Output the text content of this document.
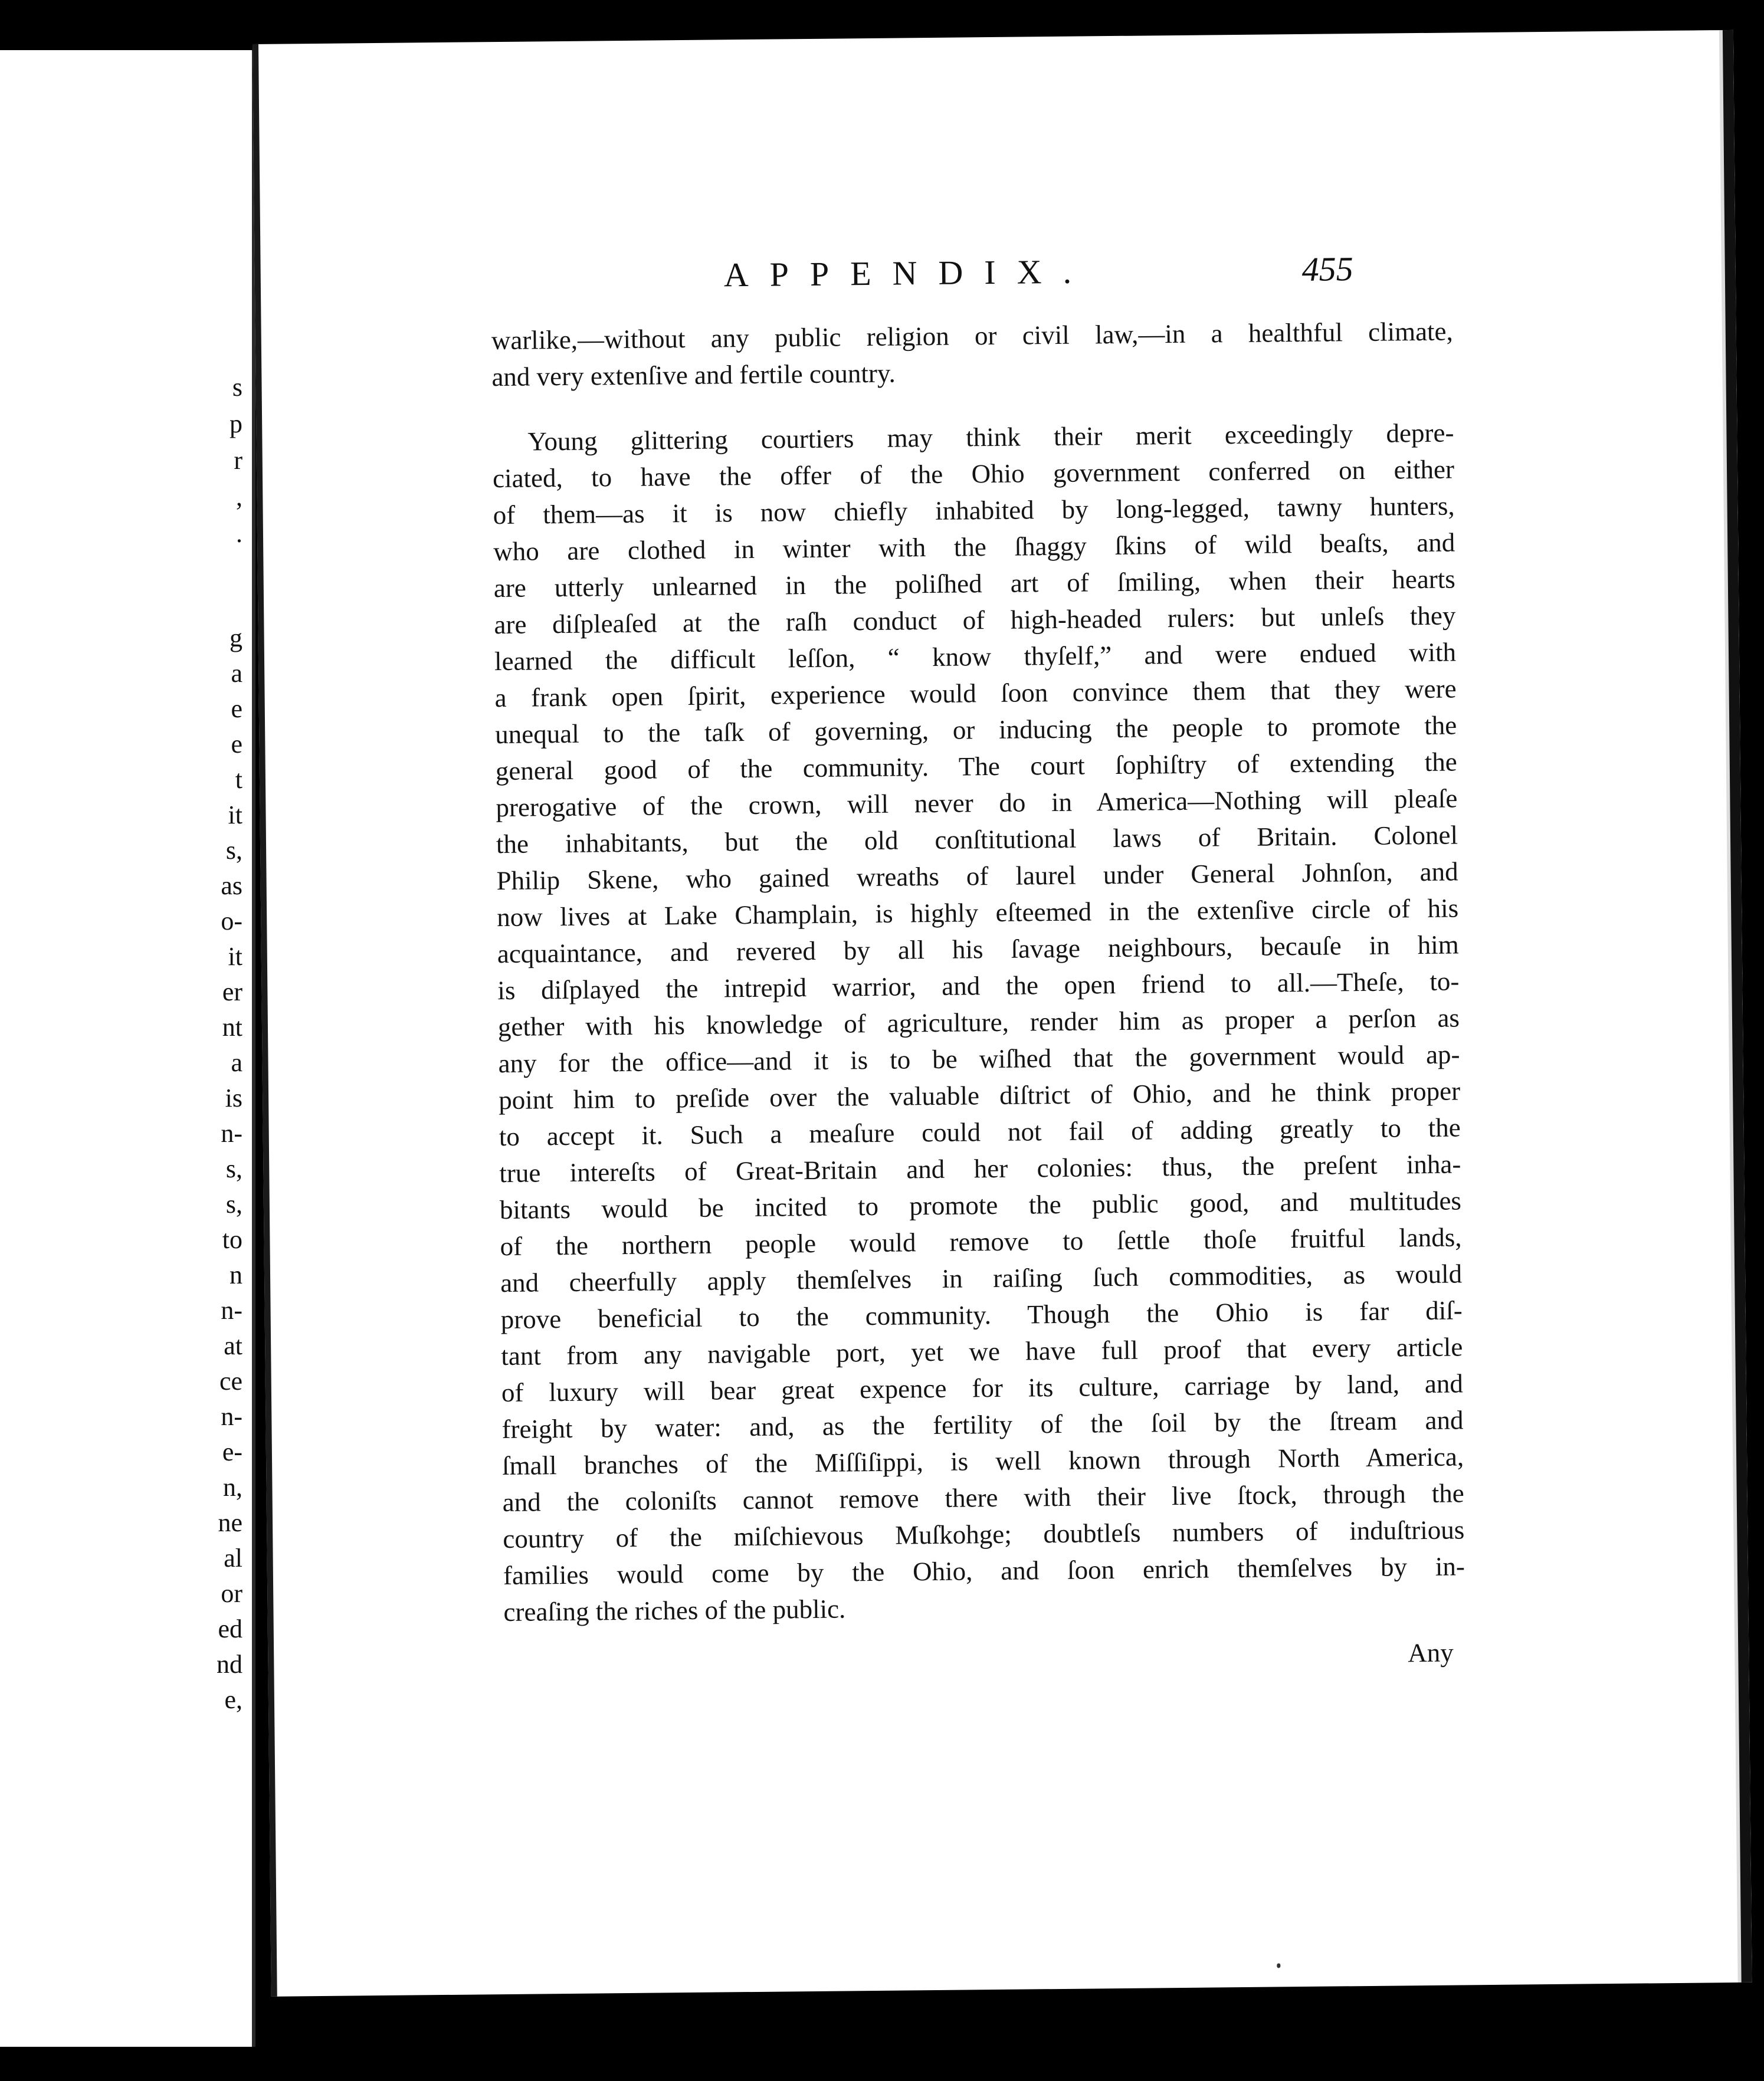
s
p
r
,
.
g
a
e
e
t
it
s,
as
o-
it
er
nt
a
is
n-
s,
s,
to
n
n-
at
ce
n-
e-
n,
ne
al
or
ed
nd
e,
APPENDIX.	455
warlike,—without any public religion or civil law,—in a healthful climate,
and very extenſive and fertile country.
Young glittering courtiers may think their merit exceedingly depre-
ciated, to have the offer of the Ohio government conferred on either
of them—as it is now chiefly inhabited by long-legged, tawny hunters,
who are clothed in winter with the ſhaggy ſkins of wild beaſts, and
are utterly unlearned in the poliſhed art of ſmiling, when their hearts
are diſpleaſed at the raſh conduct of high-headed rulers: but unleſs they
learned the difficult leſſon, “ know thyſelf,” and were endued with
a frank open ſpirit, experience would ſoon convince them that they were
unequal to the taſk of governing, or inducing the people to promote the
general good of the community. The court ſophiſtry of extending the
prerogative of the crown, will never do in America—Nothing will pleaſe
the inhabitants, but the old conſtitutional laws of Britain. Colonel
Philip Skene, who gained wreaths of laurel under General Johnſon, and
now lives at Lake Champlain, is highly eſteemed in the extenſive circle of his
acquaintance, and revered by all his ſavage neighbours, becauſe in him
is diſplayed the intrepid warrior, and the open friend to all.—Theſe, to-
gether with his knowledge of agriculture, render him as proper a perſon as
any for the office—and it is to be wiſhed that the government would ap-
point him to preſide over the valuable diſtrict of Ohio, and he think proper
to accept it. Such a meaſure could not fail of adding greatly to the
true intereſts of Great-Britain and her colonies: thus, the preſent inha-
bitants would be incited to promote the public good, and multitudes
of the northern people would remove to ſettle thoſe fruitful lands,
and cheerfully apply themſelves in raiſing ſuch commodities, as would
prove beneficial to the community. Though the Ohio is far diſ-
tant from any navigable port, yet we have full proof that every article
of luxury will bear great expence for its culture, carriage by land, and
freight by water: and, as the fertility of the ſoil by the ſtream and
ſmall branches of the Miſſiſippi, is well known through North America,
and the coloniſts cannot remove there with their live ſtock, through the
country of the miſchievous Muſkohge; doubtleſs numbers of induſtrious
families would come by the Ohio, and ſoon enrich themſelves by in-
creaſing the riches of the public.
Any
